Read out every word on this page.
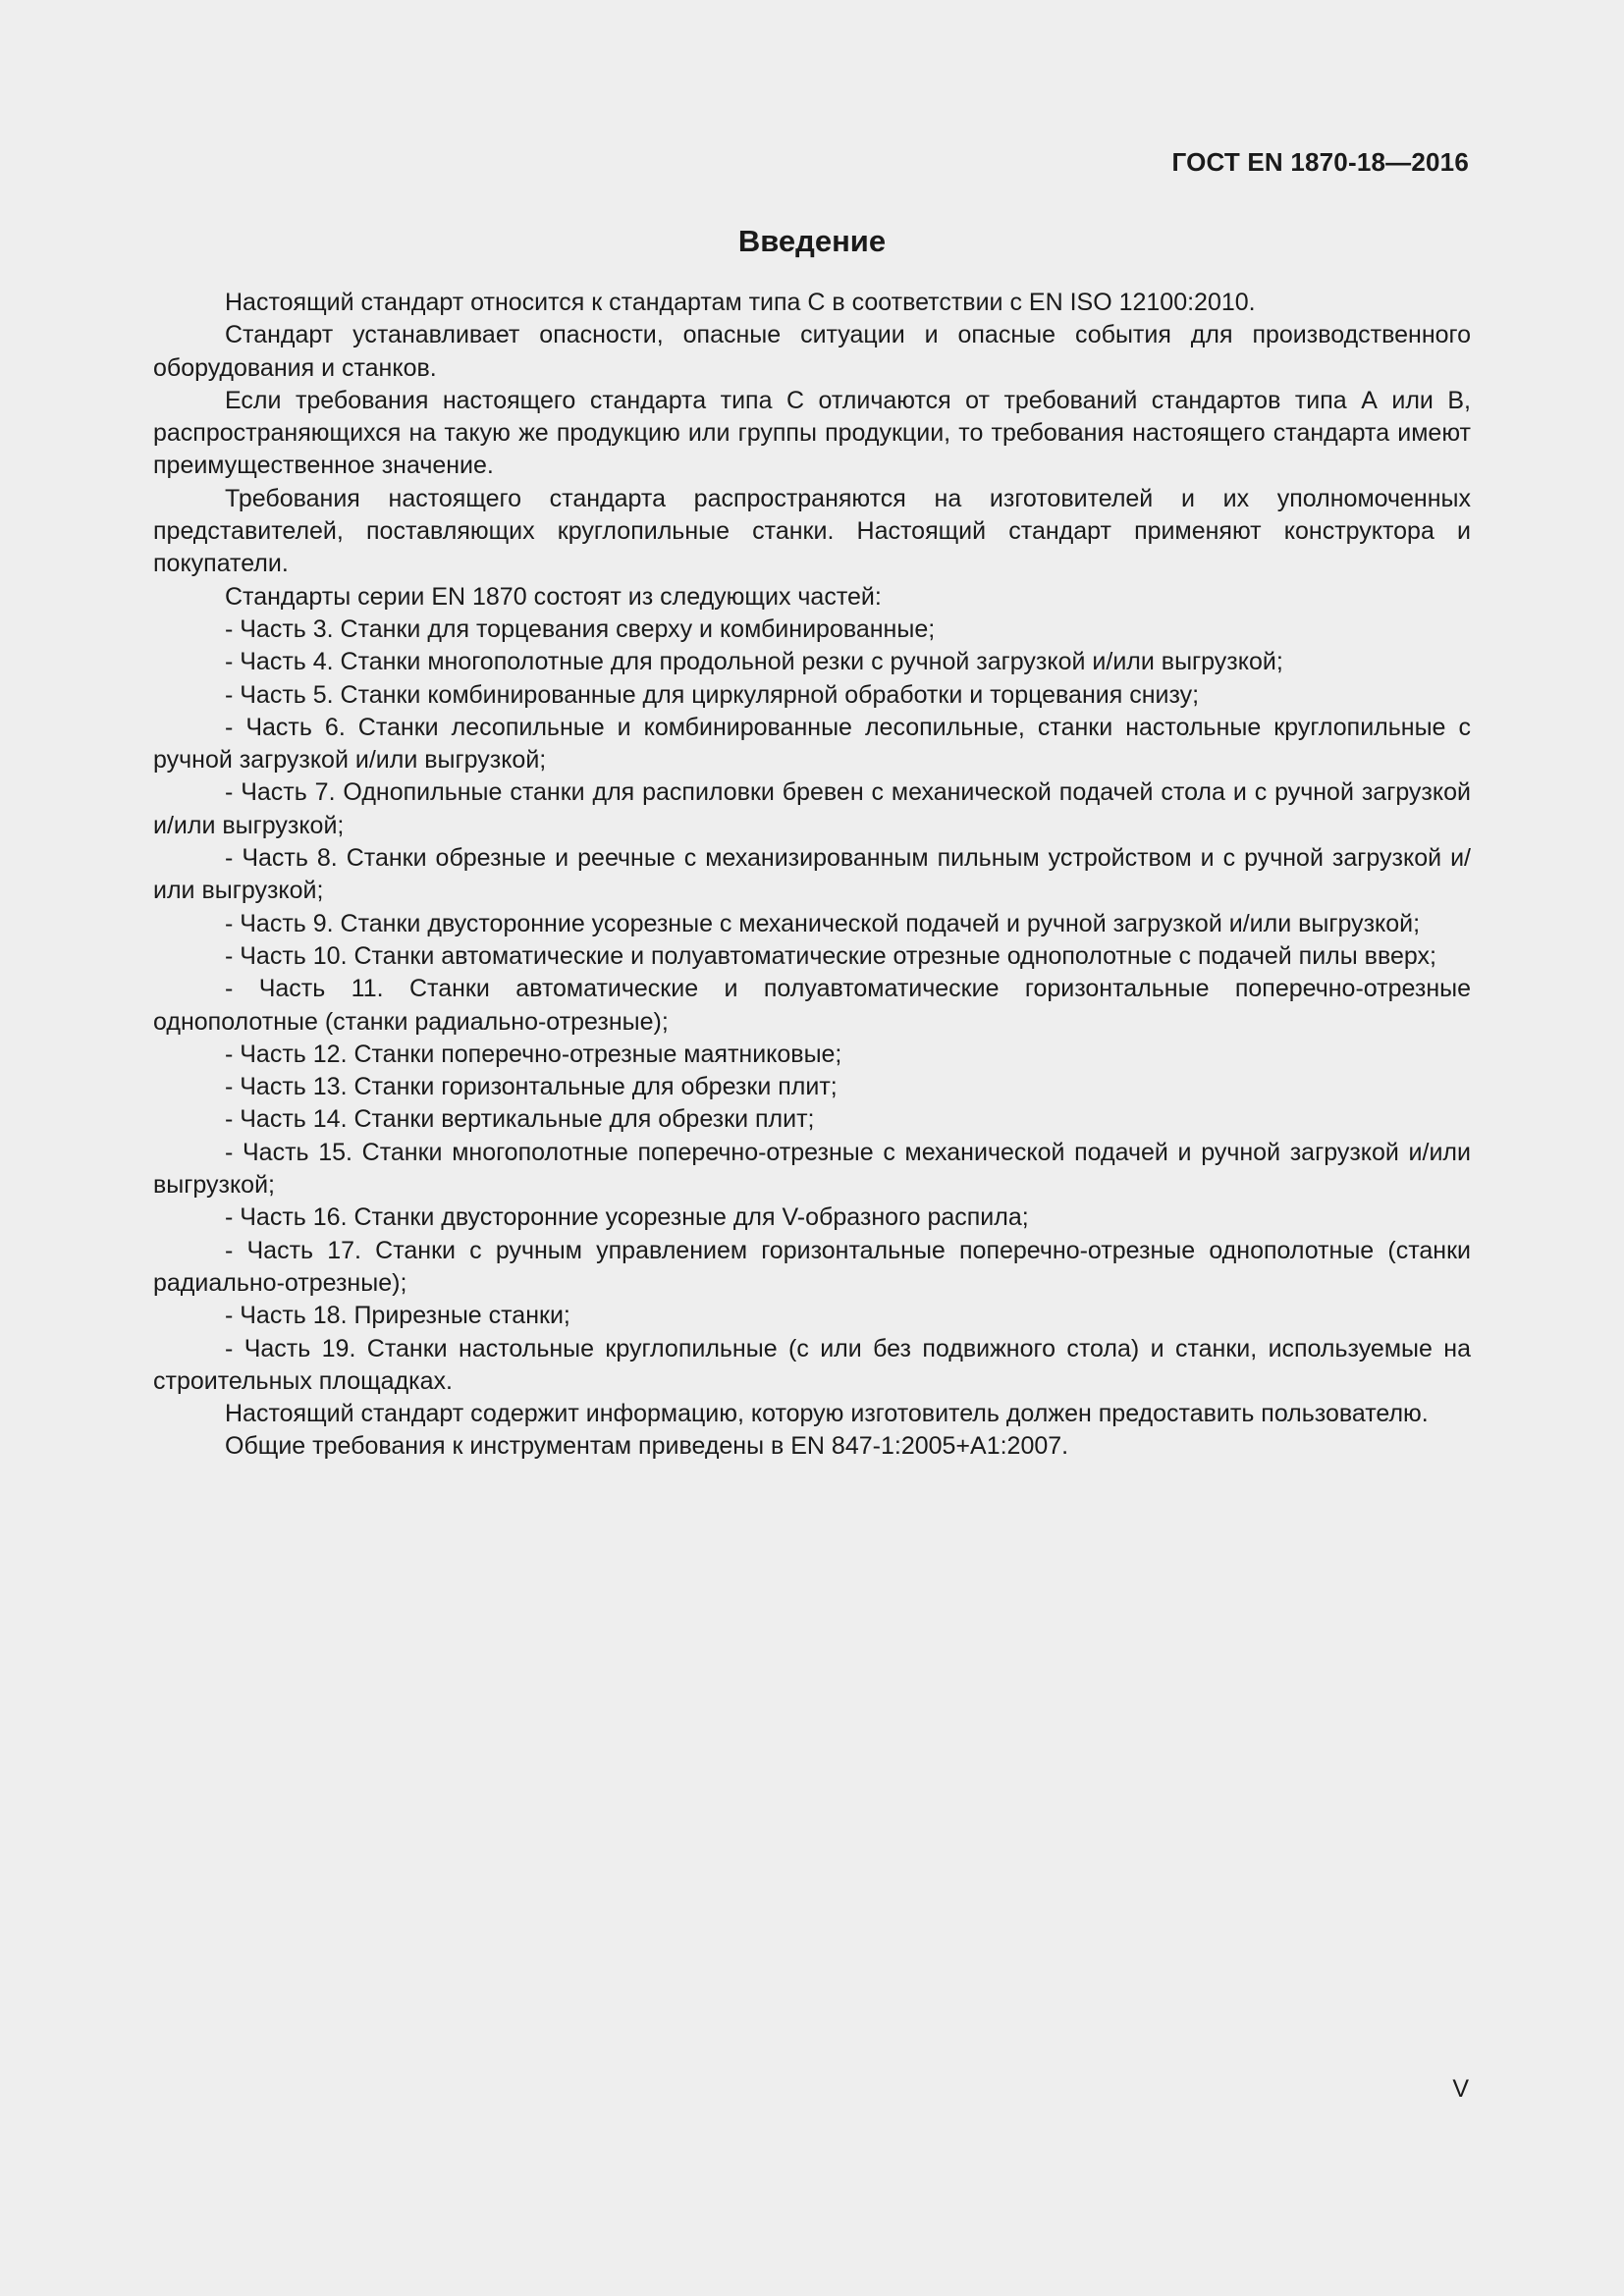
ГОСТ EN 1870-18—2016
Введение

Настоящий стандарт относится к стандартам типа С в соответствии с EN ISO 12100:2010.

Стандарт устанавливает опасности, опасные ситуации и опасные события для производственного оборудования и станков.

Если требования настоящего стандарта типа С отличаются от требований стандартов типа А или В, распространяющихся на такую же продукцию или группы продукции, то требования настоящего стандарта имеют преимущественное значение.

Требования настоящего стандарта распространяются на изготовителей и их уполномоченных представителей, поставляющих круглопильные станки. Настоящий стандарт применяют конструктора и покупатели.

Стандарты серии EN 1870 состоят из следующих частей:

- Часть 3. Станки для торцевания сверху и комбинированные;

- Часть 4. Станки многополотные для продольной резки с ручной загрузкой и/или выгрузкой;

- Часть 5. Станки комбинированные для циркулярной обработки и торцевания снизу;

- Часть 6. Станки лесопильные и комбинированные лесопильные, станки настольные круглопильные с ручной загрузкой и/или выгрузкой;

- Часть 7. Однопильные станки для распиловки бревен с механической подачей стола и с ручной загрузкой и/или выгрузкой;

- Часть 8. Станки обрезные и реечные с механизированным пильным устройством и с ручной загрузкой и/или выгрузкой;

- Часть 9. Станки двусторонние усорезные с механической подачей и ручной загрузкой и/или выгрузкой;

- Часть 10. Станки автоматические и полуавтоматические отрезные однополотные с подачей пилы вверх;

- Часть 11. Станки автоматические и полуавтоматические горизонтальные поперечно-отрезные однополотные (станки радиально-отрезные);

- Часть 12. Станки поперечно-отрезные маятниковые;

- Часть 13. Станки горизонтальные для обрезки плит;

- Часть 14. Станки вертикальные для обрезки плит;

- Часть 15. Станки многополотные поперечно-отрезные с механической подачей и ручной загрузкой и/или выгрузкой;

- Часть 16. Станки двусторонние усорезные для V-образного распила;

- Часть 17. Станки с ручным управлением горизонтальные поперечно-отрезные однополотные (станки радиально-отрезные);

- Часть 18. Прирезные станки;

- Часть 19. Станки настольные круглопильные (с или без подвижного стола) и станки, используемые на строительных площадках.

Настоящий стандарт содержит информацию, которую изготовитель должен предоставить пользователю.

Общие требования к инструментам приведены в EN 847-1:2005+A1:2007.

V
